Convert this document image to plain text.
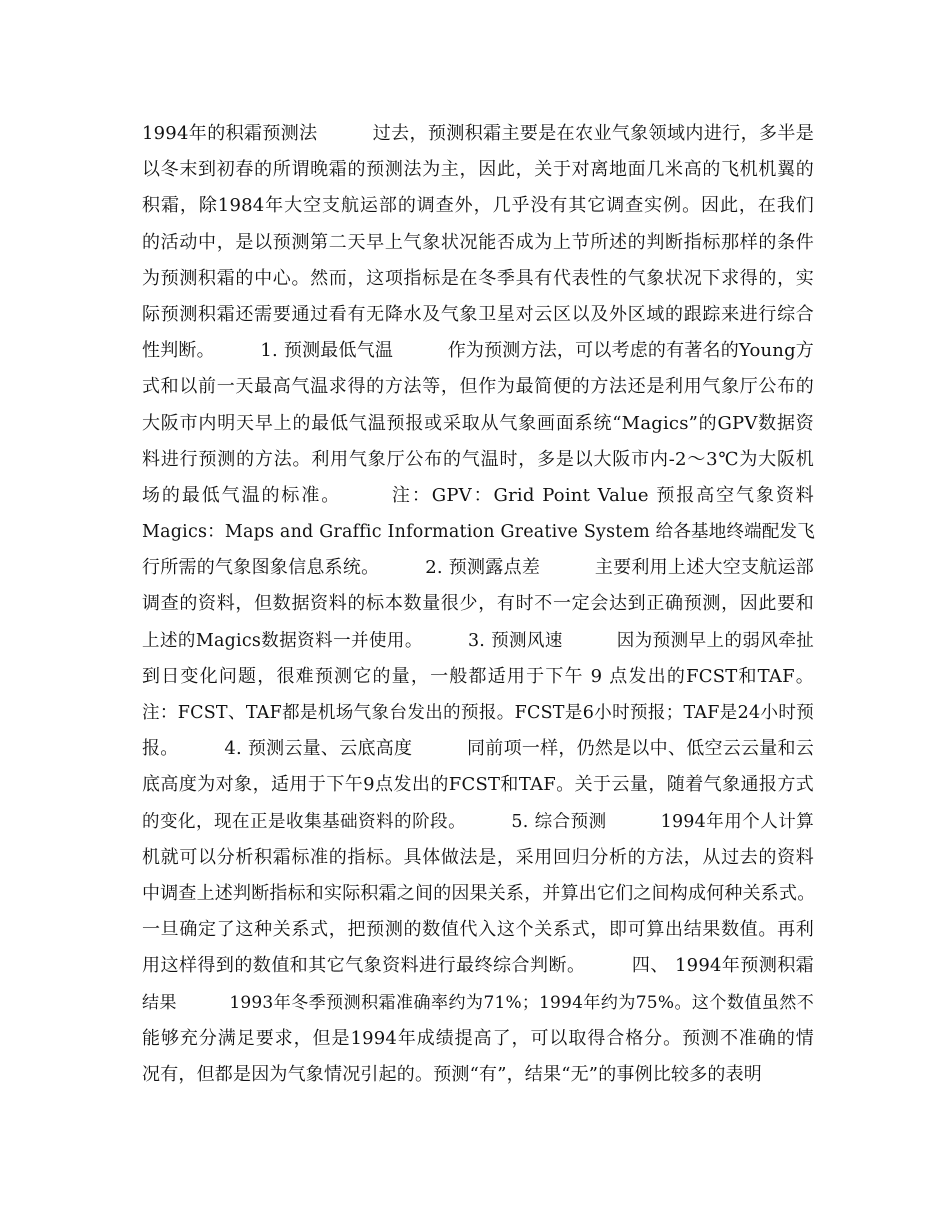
1994年的积霜预测法　　　过去，预测积霜主要是在农业气象领域内进行，多半是
以冬末到初春的所谓晚霜的预测法为主，因此，关于对离地面几米高的飞机机翼的
积霜，除1984年大空支航运部的调查外，几乎没有其它调查实例。因此，在我们
的活动中，是以预测第二天早上气象状况能否成为上节所述的判断指标那样的条件
为预测积霜的中心。然而，这项指标是在冬季具有代表性的气象状况下求得的，实
际预测积霜还需要通过看有无降水及气象卫星对云区以及外区域的跟踪来进行综合
性判断。　　　1. 预测最低气温　　　作为预测方法，可以考虑的有著名的Young方
式和以前一天最高气温求得的方法等，但作为最简便的方法还是利用气象厅公布的
大阪市内明天早上的最低气温预报或采取从气象画面系统“Magics”的GPV数据资
料进行预测的方法。利用气象厅公布的气温时，多是以大阪市内-2～3℃为大阪机
场的最低气温的标准。　　　注：GPV：Grid Point Value 预报高空气象资料
Magics：Maps and Graffic Information Greative System 给各基地终端配发飞
行所需的气象图象信息系统。　　　2. 预测露点差　　　主要利用上述大空支航运部
调查的资料，但数据资料的标本数量很少，有时不一定会达到正确预测，因此要和
上述的Magics数据资料一并使用。　　　3. 预测风速　　　因为预测早上的弱风牵扯
到日变化问题，很难预测它的量，一般都适用于下午 9 点发出的FCST和TAF。
注：FCST、TAF都是机场气象台发出的预报。FCST是6小时预报；TAF是24小时预
报。　　　4. 预测云量、云底高度　　　同前项一样，仍然是以中、低空云云量和云
底高度为对象，适用于下午9点发出的FCST和TAF。关于云量，随着气象通报方式
的变化，现在正是收集基础资料的阶段。　　　5. 综合预测　　　1994年用个人计算
机就可以分析积霜标准的指标。具体做法是，采用回归分析的方法，从过去的资料
中调查上述判断指标和实际积霜之间的因果关系，并算出它们之间构成何种关系式。
一旦确定了这种关系式，把预测的数值代入这个关系式，即可算出结果数值。再利
用这样得到的数值和其它气象资料进行最终综合判断。　　　四、 1994年预测积霜
结果　　　1993年冬季预测积霜准确率约为71%；1994年约为75%。这个数值虽然不
能够充分满足要求，但是1994年成绩提高了，可以取得合格分。预测不准确的情
况有，但都是因为气象情况引起的。预测“有”，结果“无”的事例比较多的表明
